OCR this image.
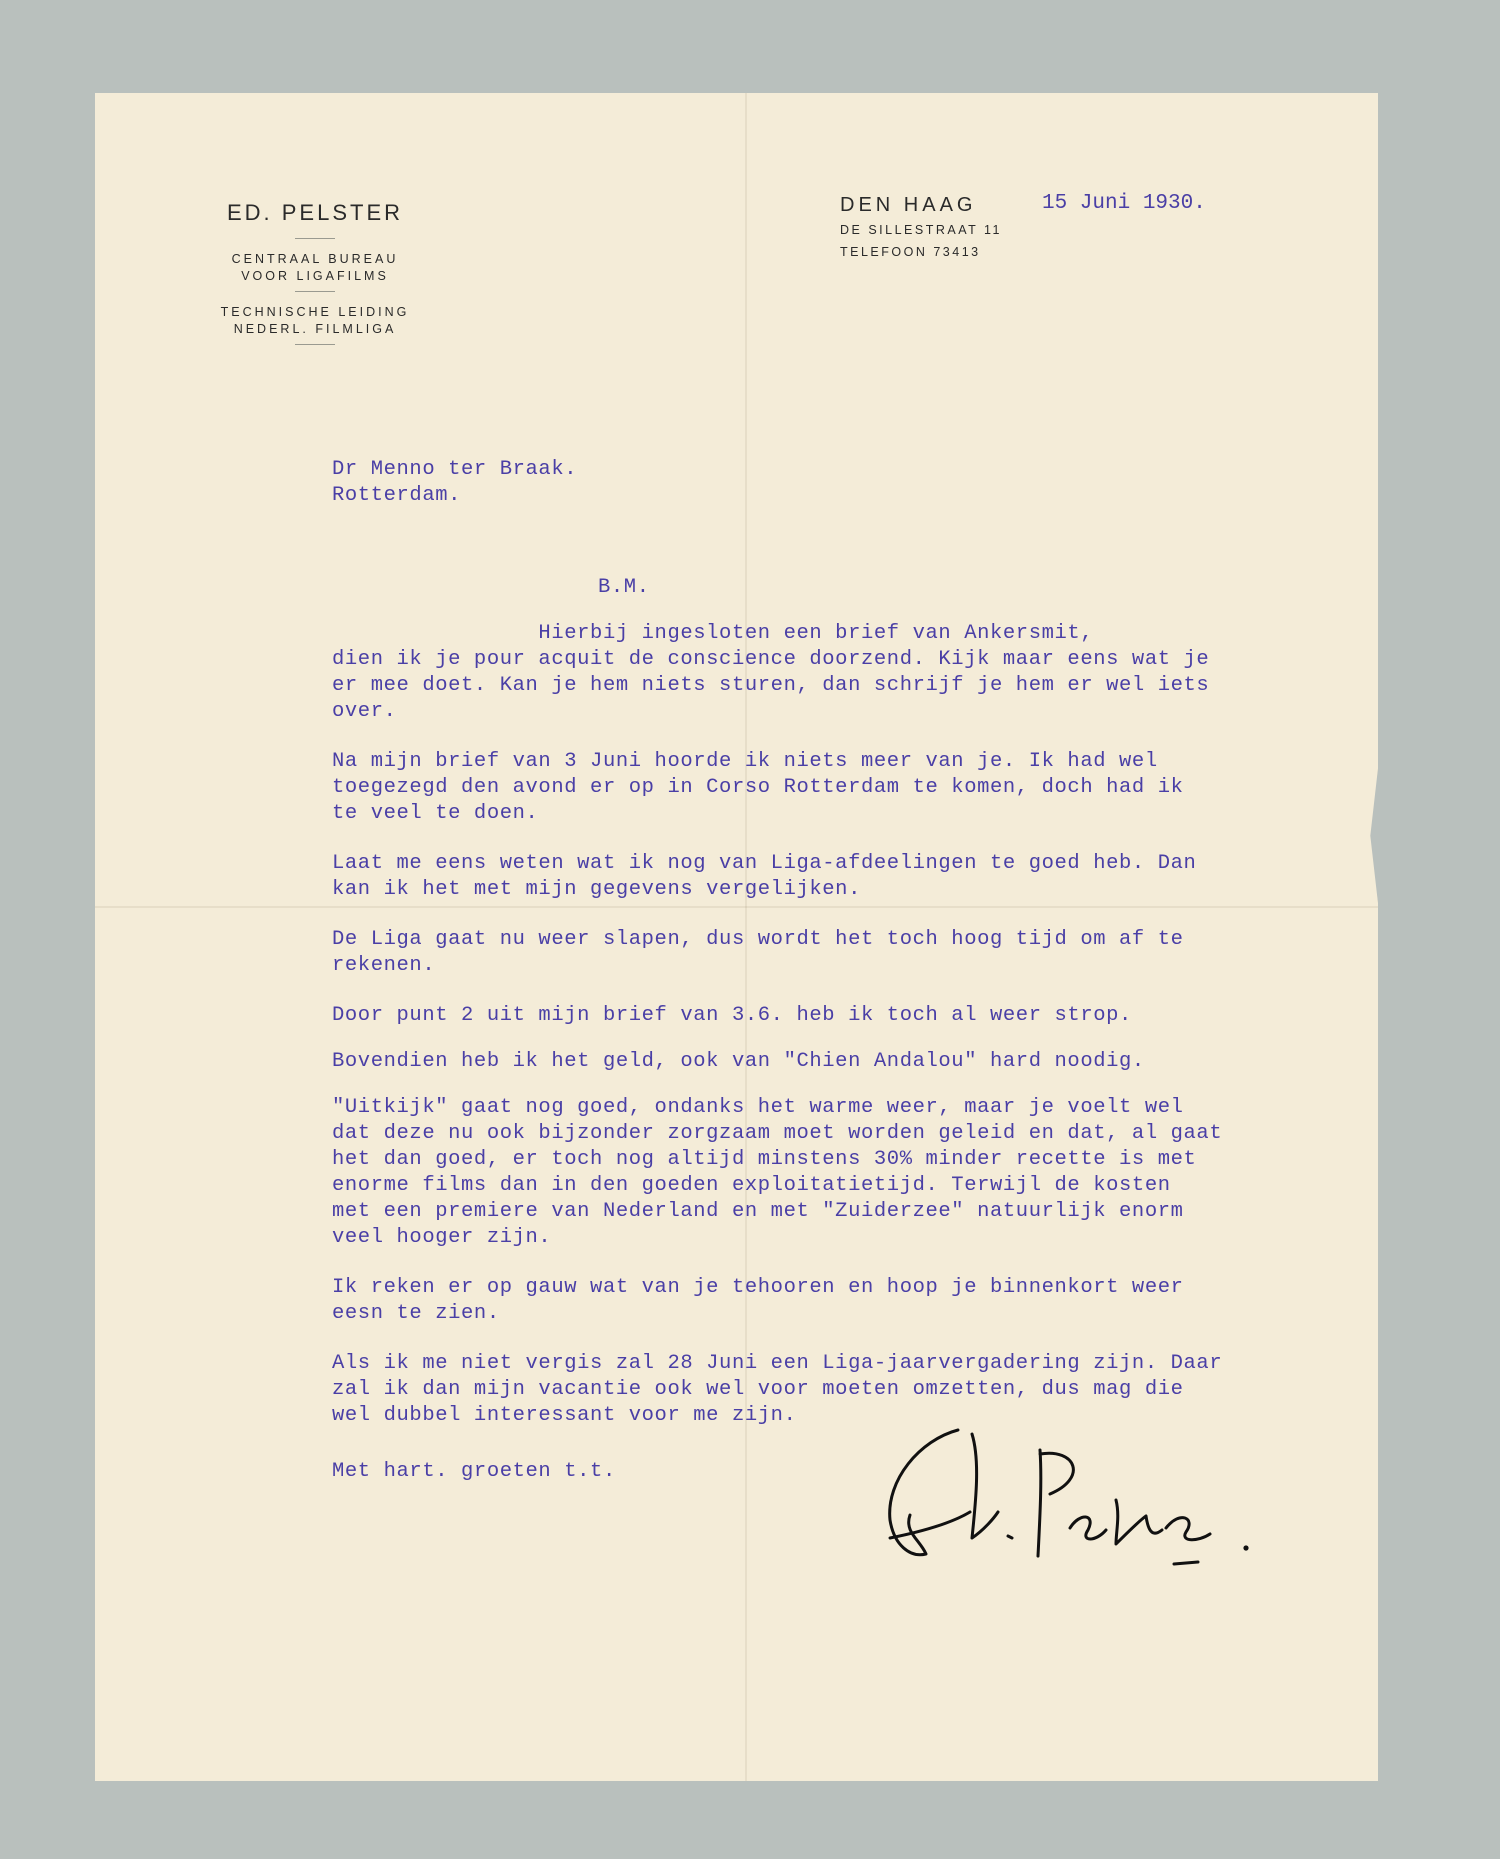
ED. PELSTER
CENTRAAL BUREAU
VOOR LIGAFILMS
TECHNISCHE LEIDING
NEDERL. FILMLIGA
DEN HAAG
DE SILLESTRAAT 11
TELEFOON 73413
15 Juni 1930.
Dr Menno ter Braak.
Rotterdam.
B.M.
Hierbij ingesloten een brief van Ankersmit,
dien ik je pour acquit de conscience doorzend. Kijk maar eens wat je
er mee doet. Kan je hem niets sturen, dan schrijf je hem er wel iets
over.
Na mijn brief van 3 Juni hoorde ik niets meer van je. Ik had wel
toegezegd den avond er op in Corso Rotterdam te komen, doch had ik
te veel te doen.
Laat me eens weten wat ik nog van Liga-afdeelingen te goed heb. Dan
kan ik het met mijn gegevens vergelijken.
De Liga gaat nu weer slapen, dus wordt het toch hoog tijd om af te
rekenen.
Door punt 2 uit mijn brief van 3.6. heb ik toch al weer strop.
Bovendien heb ik het geld, ook van "Chien Andalou" hard noodig.
"Uitkijk" gaat nog goed, ondanks het warme weer, maar je voelt wel
dat deze nu ook bijzonder zorgzaam moet worden geleid en dat, al gaat
het dan goed, er toch nog altijd minstens 30% minder recette is met
enorme films dan in den goeden exploitatietijd. Terwijl de kosten
met een premiere van Nederland en met "Zuiderzee" natuurlijk enorm
veel hooger zijn.
Ik reken er op gauw wat van je tehooren en hoop je binnenkort weer
eesn te zien.
Als ik me niet vergis zal 28 Juni een Liga-jaarvergadering zijn. Daar
zal ik dan mijn vacantie ook wel voor moeten omzetten, dus mag die
wel dubbel interessant voor me zijn.
Met hart. groeten t.t.
